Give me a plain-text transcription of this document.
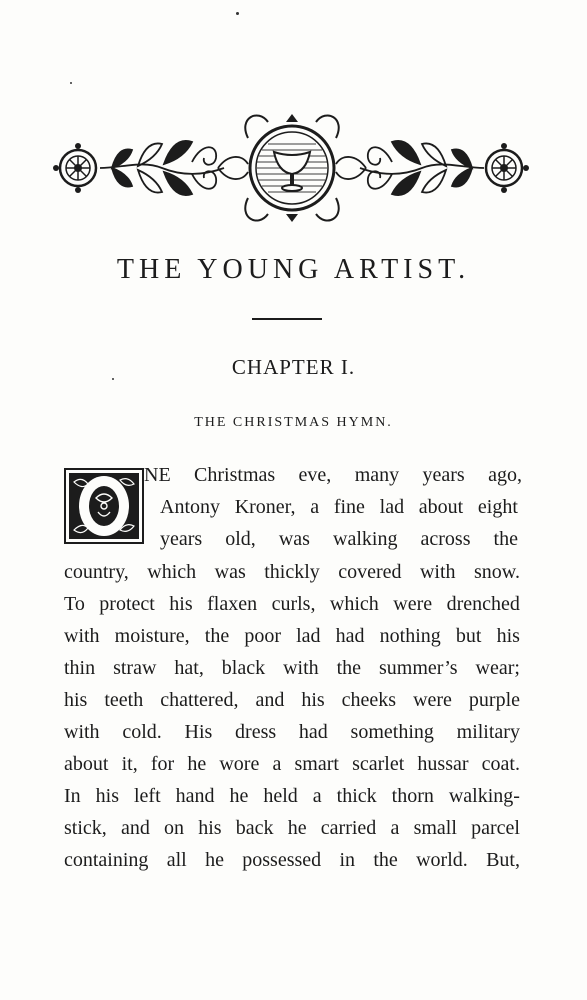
THE YOUNG ARTIST.
CHAPTER I.
THE CHRISTMAS HYMN.

NE Christmas eve, many years ago,

Antony Kroner, a fine lad about eight

years old, was walking across the

country, which was thickly covered with snow.

To protect his flaxen curls, which were drenched

with moisture, the poor lad had nothing but his

thin straw hat, black with the summer’s wear;

his teeth chattered, and his cheeks were purple

with cold. His dress had something military

about it, for he wore a smart scarlet hussar coat.

In his left hand he held a thick thorn walking-

stick, and on his back he carried a small parcel

containing all he possessed in the world. But,
